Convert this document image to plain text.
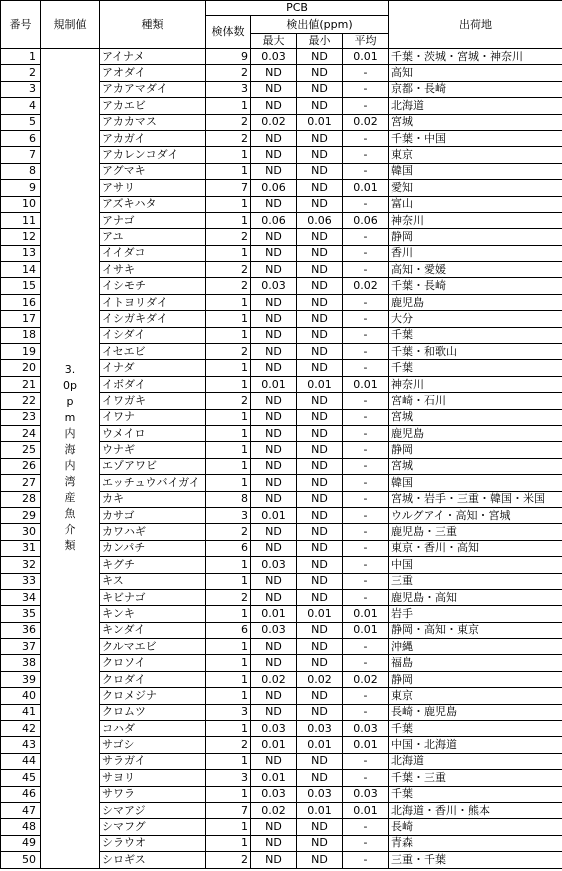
番号	規制値	種類	PCB				出荷地
			検体数	検出値(ppm)			
				最大	最小	平均	
1	3.0ppm内海内湾産魚介類	アイナメ	9	0.03	ND	0.01	千葉・茨城・宮城・神奈川
2		アオダイ	2	ND	ND	-	高知
3		アカアマダイ	3	ND	ND	-	京都・長崎
4		アカエビ	1	ND	ND	-	北海道
5		アカカマス	2	0.02	0.01	0.02	宮城
6		アカガイ	2	ND	ND	-	千葉・中国
7		アカレンコダイ	1	ND	ND	-	東京
8		アグマキ	1	ND	ND	-	韓国
9		アサリ	7	0.06	ND	0.01	愛知
10		アズキハタ	1	ND	ND	-	富山
11		アナゴ	1	0.06	0.06	0.06	神奈川
12		アユ	2	ND	ND	-	静岡
13		イイダコ	1	ND	ND	-	香川
14		イサキ	2	ND	ND	-	高知・愛媛
15		イシモチ	2	0.03	ND	0.02	千葉・長崎
16		イトヨリダイ	1	ND	ND	-	鹿児島
17		イシガキダイ	1	ND	ND	-	大分
18		イシダイ	1	ND	ND	-	千葉
19		イセエビ	2	ND	ND	-	千葉・和歌山
20		イナダ	1	ND	ND	-	千葉
21		イボダイ	1	0.01	0.01	0.01	神奈川
22		イワガキ	2	ND	ND	-	宮崎・石川
23		イワナ	1	ND	ND	-	宮城
24		ウメイロ	1	ND	ND	-	鹿児島
25		ウナギ	1	ND	ND	-	静岡
26		エゾアワビ	1	ND	ND	-	宮城
27		エッチュウバイガイ	1	ND	ND	-	韓国
28		カキ	8	ND	ND	-	宮城・岩手・三重・韓国・米国
29		カサゴ	3	0.01	ND	-	ウルグアイ・高知・宮城
30		カワハギ	2	ND	ND	-	鹿児島・三重
31		カンパチ	6	ND	ND	-	東京・香川・高知
32		キグチ	1	0.03	ND	-	中国
33		キス	1	ND	ND	-	三重
34		キビナゴ	2	ND	ND	-	鹿児島・高知
35		キンキ	1	0.01	0.01	0.01	岩手
36		キンダイ	6	0.03	ND	0.01	静岡・高知・東京
37		クルマエビ	1	ND	ND	-	沖縄
38		クロソイ	1	ND	ND	-	福島
39		クロダイ	1	0.02	0.02	0.02	静岡
40		クロメジナ	1	ND	ND	-	東京
41		クロムツ	3	ND	ND	-	長崎・鹿児島
42		コハダ	1	0.03	0.03	0.03	千葉
43		サゴシ	2	0.01	0.01	0.01	中国・北海道
44		サラガイ	1	ND	ND	-	北海道
45		サヨリ	3	0.01	ND	-	千葉・三重
46		サワラ	1	0.03	0.03	0.03	千葉
47		シマアジ	7	0.02	0.01	0.01	北海道・香川・熊本
48		シマフグ	1	ND	ND	-	長崎
49		シラウオ	1	ND	ND	-	青森
50		シロギス	2	ND	ND	-	三重・千葉
